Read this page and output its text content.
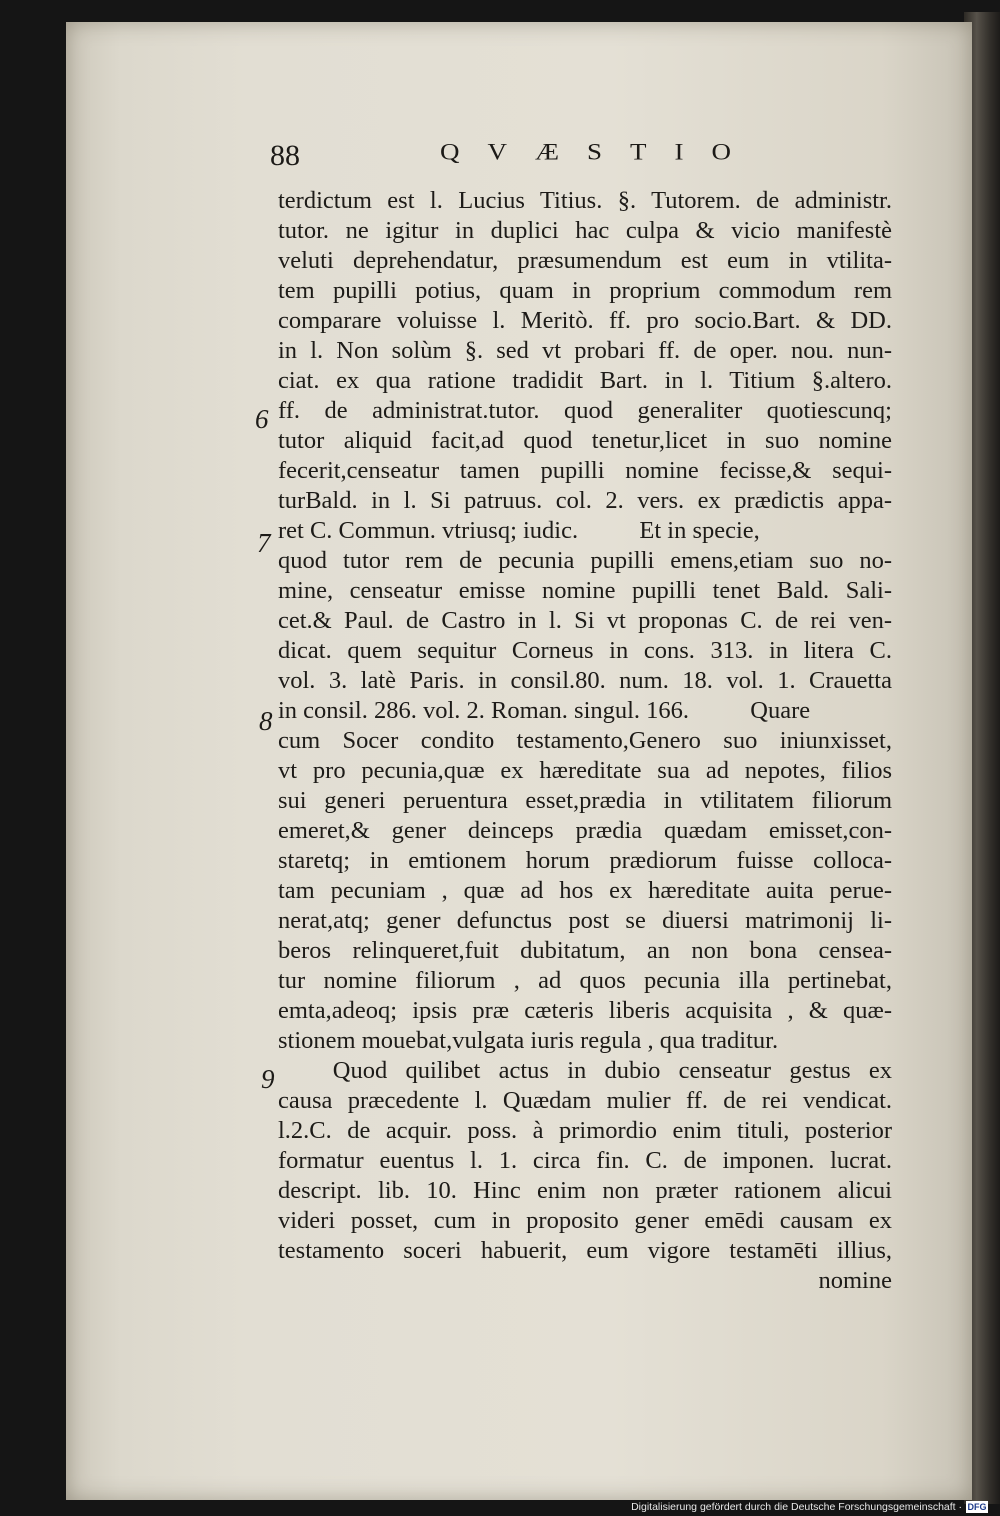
88	QVÆSTIO
terdictum est l. Lucius Titius. §. Tutorem. de administr.
tutor. ne igitur in duplici hac culpa & vicio manifestè
veluti deprehendatur, præsumendum est eum in vtilita-
tem pupilli potius, quam in proprium commodum rem
comparare voluisse l. Meritò. ff. pro socio.Bart. & DD.
in l. Non solùm §. sed vt probari ff. de oper. nou. nun-
ciat. ex qua ratione tradidit Bart. in l. Titium §.altero.
ff. de administrat.tutor. quod generaliter quotiescunq;
tutor aliquid facit,ad quod tenetur,licet in suo nomine
fecerit,censeatur tamen pupilli nomine fecisse,& sequi-
turBald. in l. Si patruus. col. 2. vers. ex prædictis appa-
ret C. Commun. vtriusq; iudic.          Et in specie,
quod tutor rem de pecunia pupilli emens,etiam suo no-
mine, censeatur emisse nomine pupilli tenet Bald. Sali-
cet.& Paul. de Castro in l. Si vt proponas C. de rei ven-
dicat. quem sequitur Corneus in cons. 313. in litera C.
vol. 3. latè Paris. in consil.80. num. 18. vol. 1. Crauetta
in consil. 286. vol. 2. Roman. singul. 166.          Quare
cum Socer condito testamento,Genero suo iniunxisset,
vt pro pecunia,quæ ex hæreditate sua ad nepotes, filios
sui generi peruentura esset,prædia in vtilitatem filiorum
emeret,& gener deinceps prædia quædam emisset,con-
staretq; in emtionem horum prædiorum fuisse colloca-
tam pecuniam , quæ ad hos ex hæreditate auita perue-
nerat,atq; gener defunctus post se diuersi matrimonij li-
beros relinqueret,fuit dubitatum, an non bona censea-
tur nomine filiorum , ad quos pecunia illa pertinebat,
emta,adeoq; ipsis præ cæteris liberis acquisita , & quæ-
stionem mouebat,vulgata iuris regula , qua traditur.
Quod quilibet actus in dubio censeatur gestus ex
causa præcedente l. Quædam mulier ff. de rei vendicat.
l.2.C. de acquir. poss. à primordio enim tituli, posterior
formatur euentus l. 1. circa fin. C. de imponen. lucrat.
descript. lib. 10. Hinc enim non præter rationem alicui
videri posset, cum in proposito gener emēdi causam ex
testamento soceri habuerit, eum vigore testamēti illius,
nomine
6
7
8
9
Digitalisierung gefördert durch die Deutsche Forschungsgemeinschaft · DFG
